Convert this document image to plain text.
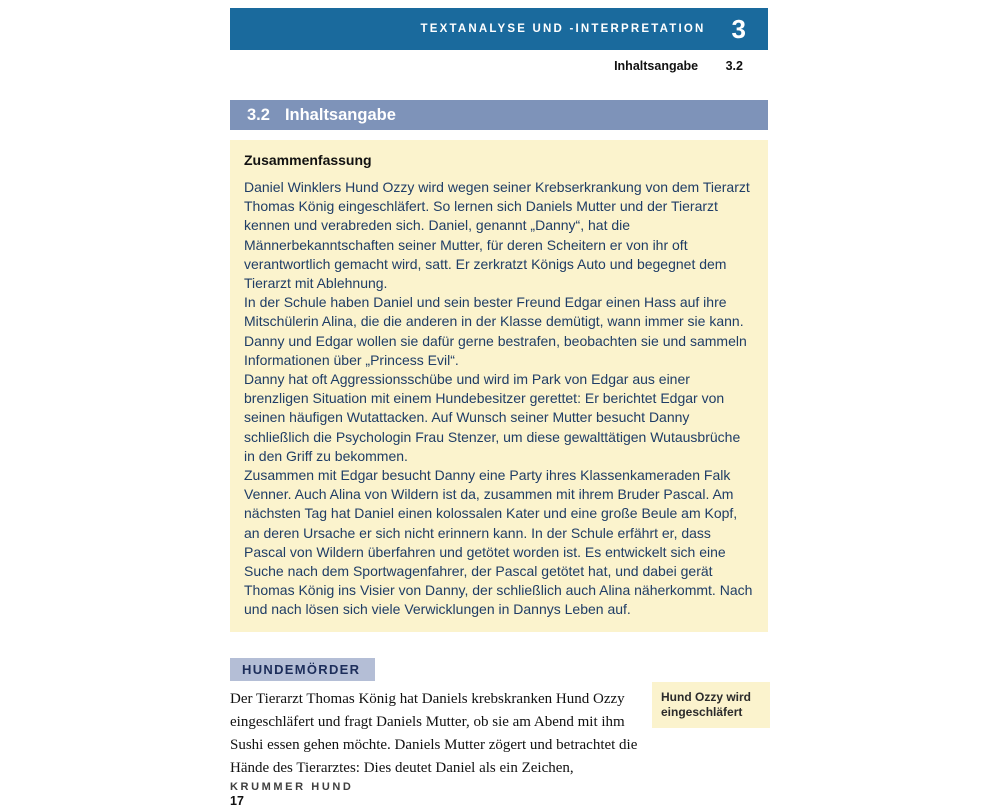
TEXTANALYSE UND -INTERPRETATION 3
Inhaltsangabe 3.2
3.2 Inhaltsangabe
Zusammenfassung

Daniel Winklers Hund Ozzy wird wegen seiner Krebserkrankung von dem Tierarzt Thomas König eingeschläfert. So lernen sich Daniels Mutter und der Tierarzt kennen und verabreden sich. Daniel, genannt „Danny“, hat die Männerbekanntschaften seiner Mutter, für deren Scheitern er von ihr oft verantwortlich gemacht wird, satt. Er zerkratzt Königs Auto und begegnet dem Tierarzt mit Ablehnung.

In der Schule haben Daniel und sein bester Freund Edgar einen Hass auf ihre Mitschülerin Alina, die die anderen in der Klasse demütigt, wann immer sie kann. Danny und Edgar wollen sie dafür gerne bestrafen, beobachten sie und sammeln Informationen über „Princess Evil“.

Danny hat oft Aggressionsschübe und wird im Park von Edgar aus einer brenzligen Situation mit einem Hundebesitzer gerettet: Er berichtet Edgar von seinen häufigen Wutattacken. Auf Wunsch seiner Mutter besucht Danny schließlich die Psychologin Frau Stenzer, um diese gewalttätigen Wutausbrüche in den Griff zu bekommen.

Zusammen mit Edgar besucht Danny eine Party ihres Klassenkameraden Falk Venner. Auch Alina von Wildern ist da, zusammen mit ihrem Bruder Pascal. Am nächsten Tag hat Daniel einen kolossalen Kater und eine große Beule am Kopf, an deren Ursache er sich nicht erinnern kann. In der Schule erfährt er, dass Pascal von Wildern überfahren und getötet worden ist. Es entwickelt sich eine Suche nach dem Sportwagenfahrer, der Pascal getötet hat, und dabei gerät Thomas König ins Visier von Danny, der schließlich auch Alina näherkommt. Nach und nach lösen sich viele Verwicklungen in Dannys Leben auf.

HUNDEMÖRDER

Der Tierarzt Thomas König hat Daniels krebskranken Hund Ozzy eingeschläfert und fragt Daniels Mutter, ob sie am Abend mit ihm Sushi essen gehen möchte. Daniels Mutter zögert und betrachtet die Hände des Tierarztes: Dies deutet Daniel als ein Zeichen,

Hund Ozzy wird eingeschläfert
KRUMMER HUND
17
